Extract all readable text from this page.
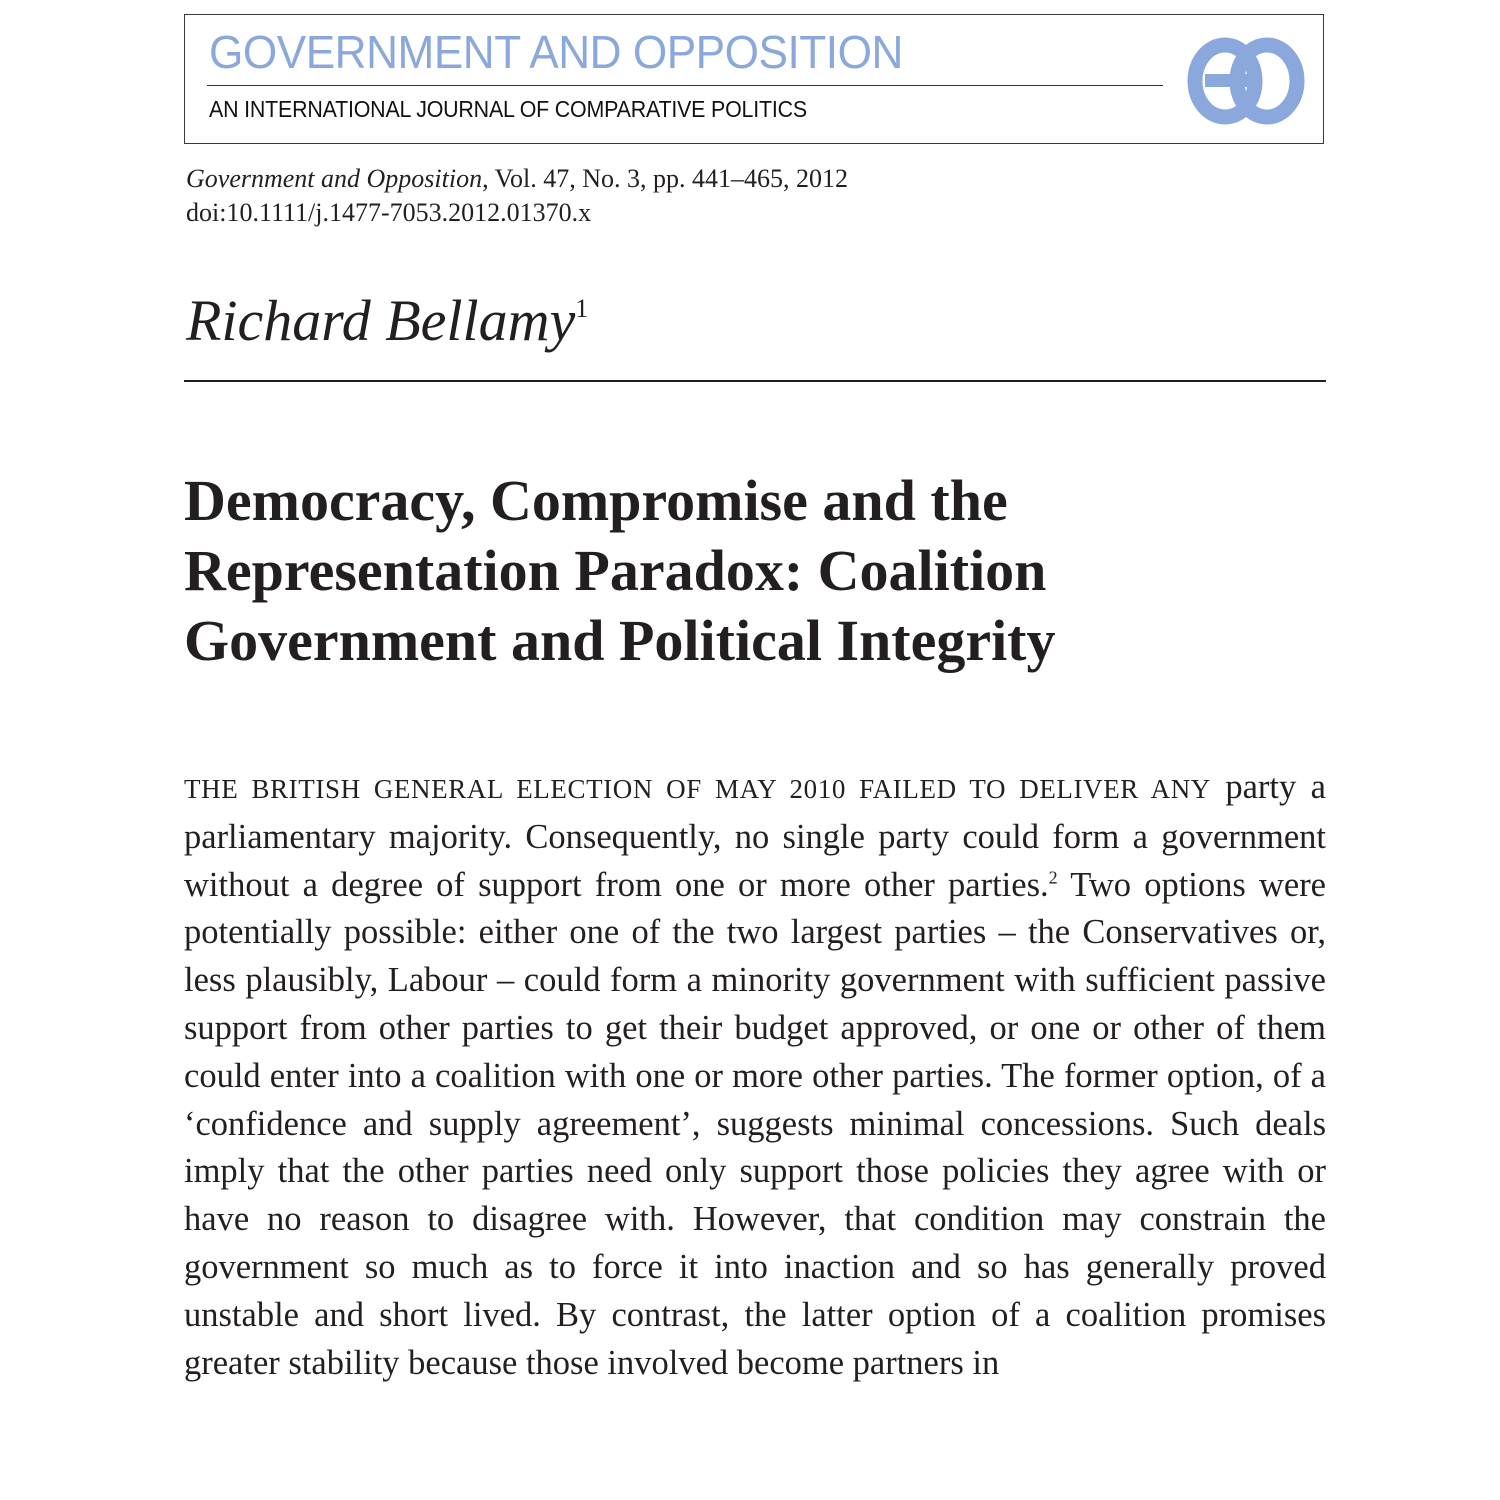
GOVERNMENT AND OPPOSITION
AN INTERNATIONAL JOURNAL OF COMPARATIVE POLITICS
Government and Opposition, Vol. 47, No. 3, pp. 441–465, 2012
doi:10.1111/j.1477-7053.2012.01370.x
Richard Bellamy$^1$
Democracy, Compromise and the Representation Paradox: Coalition Government and Political Integrity

THE BRITISH GENERAL ELECTION OF MAY 2010 FAILED TO DELIVER ANY party a parliamentary majority. Consequently, no single party could form a government without a degree of support from one or more other parties.$^2$ Two options were potentially possible: either one of the two largest parties – the Conservatives or, less plausibly, Labour – could form a minority government with sufficient passive support from other parties to get their budget approved, or one or other of them could enter into a coalition with one or more other parties. The former option, of a ‘confidence and supply agreement’, suggests minimal concessions. Such deals imply that the other parties need only support those policies they agree with or have no reason to disagree with. However, that condition may constrain the government so much as to force it into inaction and so has generally proved unstable and short lived. By contrast, the latter option of a coalition promises greater stability because those involved become partners in
